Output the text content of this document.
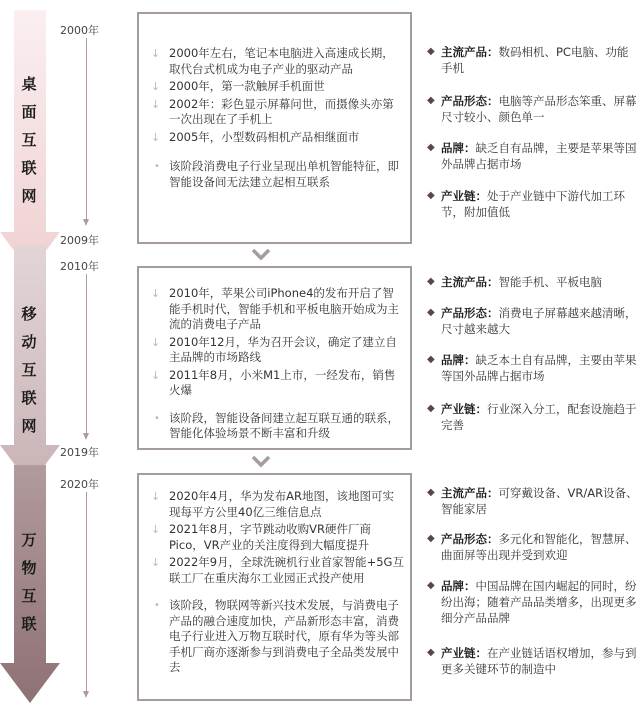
桌
面
互
联
网
2000年
2009年
↓ 2000年左右，笔记本电脑进入高速成长期，取代台式机成为电子产业的驱动产品
↓ 2000年，第一款触屏手机面世
↓ 2002年：彩色显示屏幕问世，而摄像头亦第一次出现在了手机上
↓ 2005年，小型数码相机产品相继面市
• 该阶段消费电子行业呈现出单机智能特征，即智能设备间无法建立起相互联系
◆ 主流产品：数码相机、PC电脑、功能手机
◆ 产品形态：电脑等产品形态笨重、屏幕尺寸较小、颜色单一
◆ 品牌：缺乏自有品牌，主要是苹果等国外品牌占据市场
◆ 产业链：处于产业链中下游代加工环节，附加值低
移
动
互
联
网
2010年
2019年
↓ 2010年，苹果公司iPhone4的发布开启了智能手机时代，智能手机和平板电脑开始成为主流的消费电子产品
↓ 2010年12月，华为召开会议，确定了建立自主品牌的市场路线
↓ 2011年8月，小米M1上市，一经发布，销售火爆
• 该阶段，智能设备间建立起互联互通的联系，智能化体验场景不断丰富和升级
◆ 主流产品：智能手机、平板电脑
◆ 产品形态：消费电子屏幕越来越清晰，尺寸越来越大
◆ 品牌：缺乏本土自有品牌，主要由苹果等国外品牌占据市场
◆ 产业链：行业深入分工，配套设施趋于完善
万
物
互
联
2020年
↓ 2020年4月，华为发布AR地图，该地图可实现每平方公里40亿三维信息点
↓ 2021年8月，字节跳动收购VR硬件厂商Pico，VR产业的关注度得到大幅度提升
↓ 2022年9月，全球洗碗机行业首家智能+5G互联工厂在重庆海尔工业园正式投产使用
• 该阶段，物联网等新兴技术发展，与消费电子产品的融合速度加快，产品新形态丰富，消费电子行业进入万物互联时代，原有华为等头部手机厂商亦逐渐参与到消费电子全品类发展中去
◆ 主流产品：可穿戴设备、VR/AR设备、智能家居
◆ 产品形态：多元化和智能化，智慧屏、曲面屏等出现并受到欢迎
◆ 品牌：中国品牌在国内崛起的同时，纷纷出海；随着产品品类增多，出现更多细分产品品牌
◆ 产业链：在产业链话语权增加，参与到更多关键环节的制造中
